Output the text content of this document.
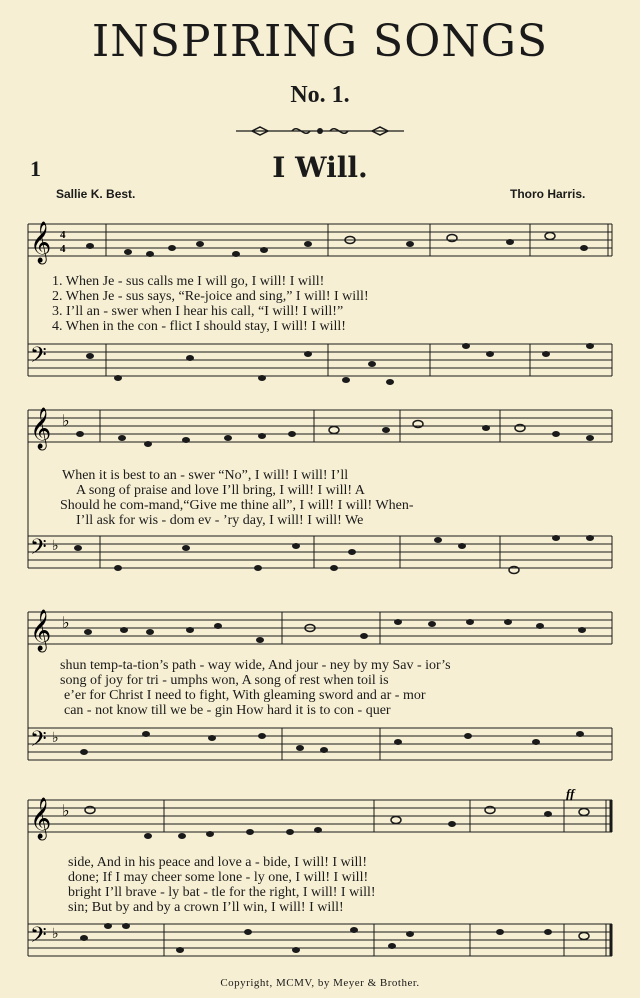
INSPIRING SONGS
No. 1.
1	I Will.
Sallie K. Best.	Thoro Harris.
𝄞 4
4
𝄢
1. When Je - sus calls me I will go, I will! I will!
2. When Je - sus says, “Re-joice and sing,” I will! I will!
3. I’ll an - swer when I hear his call, “I will! I will!”
4. When in the con - flict I should stay, I will! I will!
𝄞 ♭
𝄢 ♭
When it is best to an - swer “No”, I will! I will! I’ll
A song of praise and love I’ll bring, I will! I will! A
Should he com-mand,“Give me thine all”, I will! I will! When-
I’ll ask for wis - dom ev - ’ry day, I will! I will! We
𝄞 ♭
𝄢 ♭
shun temp-ta-tion’s path - way wide, And jour - ney by my Sav - ior’s
song of joy for tri - umphs won, A song of rest when toil is
e’er for Christ I need to fight, With gleaming sword and ar - mor
can - not know till we be - gin How hard it is to con - quer
𝄞 ♭
ff
𝄢 ♭
side, And in his peace and love a - bide, I will! I will!
done; If I may cheer some lone - ly one, I will! I will!
bright I’ll brave - ly bat - tle for the right, I will! I will!
sin; But by and by a crown I’ll win, I will! I will!
Copyright, MCMV, by Meyer & Brother.
